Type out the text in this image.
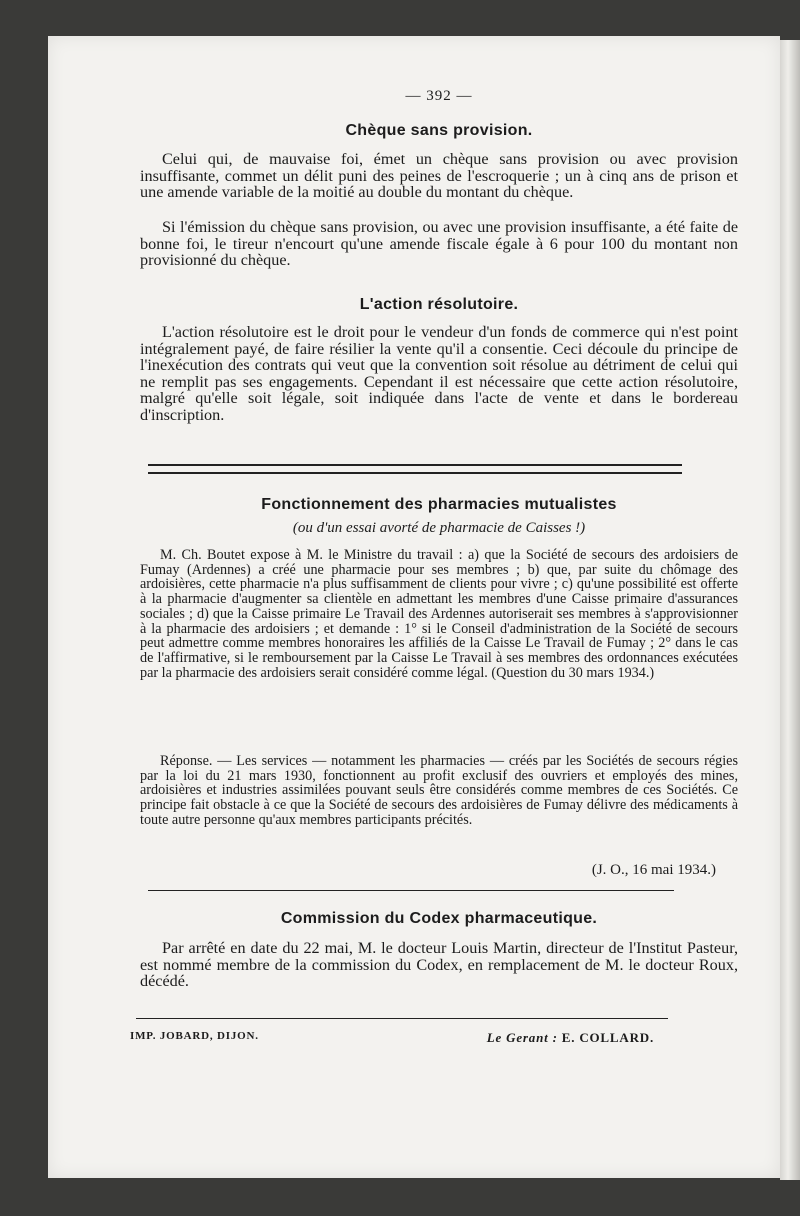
— 392 —
Chèque sans provision.

Celui qui, de mauvaise foi, émet un chèque sans provision ou avec provision insuffisante, commet un délit puni des peines de l'escroquerie ; un à cinq ans de prison et une amende variable de la moitié au double du montant du chèque.

Si l'émission du chèque sans provision, ou avec une provision insuffisante, a été faite de bonne foi, le tireur n'encourt qu'une amende fiscale égale à 6 pour 100 du montant non provisionné du chèque.

L'action résolutoire.

L'action résolutoire est le droit pour le vendeur d'un fonds de commerce qui n'est point intégralement payé, de faire résilier la vente qu'il a consentie. Ceci découle du principe de l'inexécution des contrats qui veut que la convention soit résolue au détriment de celui qui ne remplit pas ses engagements. Cependant il est nécessaire que cette action résolutoire, malgré qu'elle soit légale, soit indiquée dans l'acte de vente et dans le bordereau d'inscription.

Fonctionnement des pharmacies mutualistes
(ou d'un essai avorté de pharmacie de Caisses !)

M. Ch. Boutet expose à M. le Ministre du travail : a) que la Société de secours des ardoisiers de Fumay (Ardennes) a créé une pharmacie pour ses membres ; b) que, par suite du chômage des ardoisières, cette pharmacie n'a plus suffisamment de clients pour vivre ; c) qu'une possibilité est offerte à la pharmacie d'augmenter sa clientèle en admettant les membres d'une Caisse primaire d'assurances sociales ; d) que la Caisse primaire Le Travail des Ardennes autoriserait ses membres à s'approvisionner à la pharmacie des ardoisiers ; et demande : 1° si le Conseil d'administration de la Société de secours peut admettre comme membres honoraires les affiliés de la Caisse Le Travail de Fumay ; 2° dans le cas de l'affirmative, si le remboursement par la Caisse Le Travail à ses membres des ordonnances exécutées par la pharmacie des ardoisiers serait considéré comme légal. (Question du 30 mars 1934.)

Réponse. — Les services — notamment les pharmacies — créés par les Sociétés de secours régies par la loi du 21 mars 1930, fonctionnent au profit exclusif des ouvriers et employés des mines, ardoisières et industries assimilées pouvant seuls être considérés comme membres de ces Sociétés. Ce principe fait obstacle à ce que la Société de secours des ardoisières de Fumay délivre des médicaments à toute autre personne qu'aux membres participants précités.

(J. O., 16 mai 1934.)
Commission du Codex pharmaceutique.

Par arrêté en date du 22 mai, M. le docteur Louis Martin, directeur de l'Institut Pasteur, est nommé membre de la commission du Codex, en remplacement de M. le docteur Roux, décédé.

IMP. JOBARD, DIJON.	Le Gerant : E. COLLARD.
